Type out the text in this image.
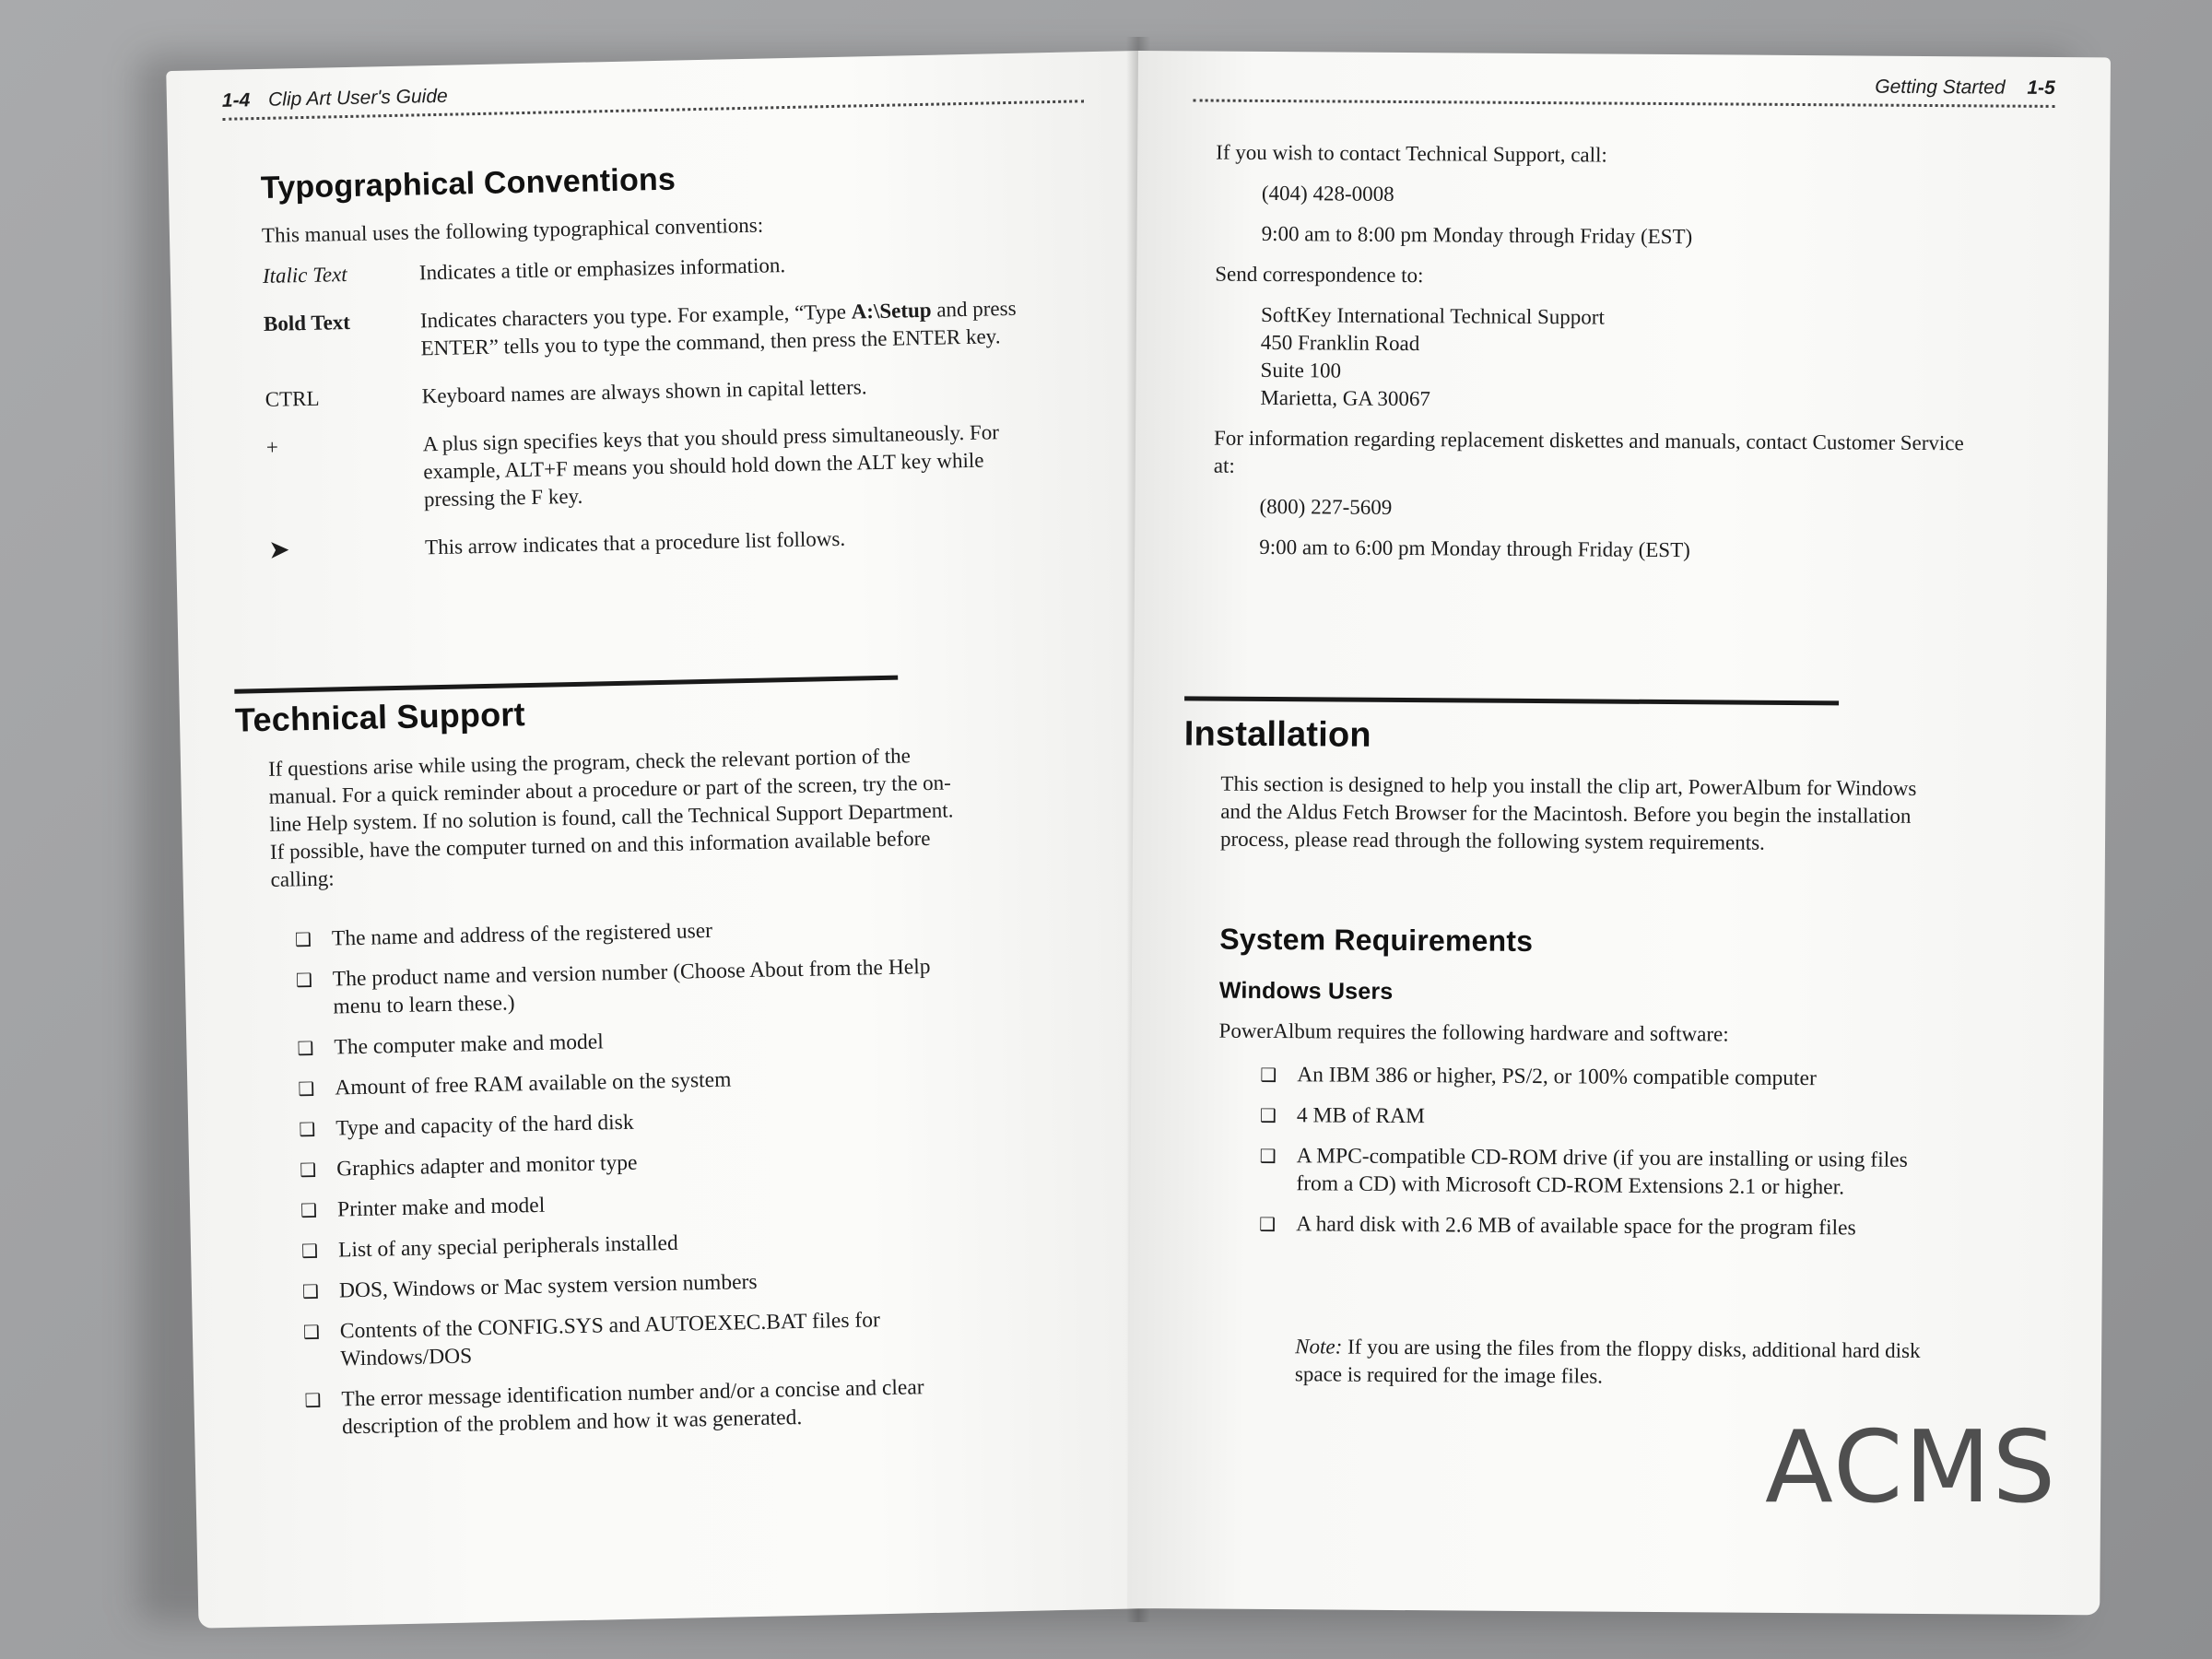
1-4 Clip Art User's Guide
Typographical Conventions
This manual uses the following typographical conventions:
Italic Text	Indicates a title or emphasizes information.
Bold Text	Indicates characters you type. For example, “Type A:\Setup and press ENTER” tells you to type the command, then press the ENTER key.
CTRL	Keyboard names are always shown in capital letters.
+	A plus sign specifies keys that you should press simultaneously. For example, ALT+F means you should hold down the ALT key while pressing the F key.
➤	This arrow indicates that a procedure list follows.
Technical Support
If questions arise while using the program, check the relevant portion of the manual. For a quick reminder about a procedure or part of the screen, try the on-line Help system. If no solution is found, call the Technical Support Department. If possible, have the computer turned on and this information available before calling:
❑ The name and address of the registered user
❑ The product name and version number (Choose About from the Help menu to learn these.)
❑ The computer make and model
❑ Amount of free RAM available on the system
❑ Type and capacity of the hard disk
❑ Graphics adapter and monitor type
❑ Printer make and model
❑ List of any special peripherals installed
❑ DOS, Windows or Mac system version numbers
❑ Contents of the CONFIG.SYS and AUTOEXEC.BAT files for Windows/DOS
❑ The error message identification number and/or a concise and clear description of the problem and how it was generated.
Getting Started 1-5
If you wish to contact Technical Support, call:
(404) 428-0008
9:00 am to 8:00 pm Monday through Friday (EST)
Send correspondence to:
SoftKey International Technical Support
450 Franklin Road
Suite 100
Marietta, GA 30067
For information regarding replacement diskettes and manuals, contact Customer Service at:
(800) 227-5609
9:00 am to 6:00 pm Monday through Friday (EST)
Installation
This section is designed to help you install the clip art, PowerAlbum for Windows and the Aldus Fetch Browser for the Macintosh. Before you begin the installation process, please read through the following system requirements.
System Requirements
Windows Users
PowerAlbum requires the following hardware and software:
❑ An IBM 386 or higher, PS/2, or 100% compatible computer
❑ 4 MB of RAM
❑ A MPC-compatible CD-ROM drive (if you are installing or using files from a CD) with Microsoft CD-ROM Extensions 2.1 or higher.
❑ A hard disk with 2.6 MB of available space for the program files
Note: If you are using the files from the floppy disks, additional hard disk space is required for the image files.
ACMS
